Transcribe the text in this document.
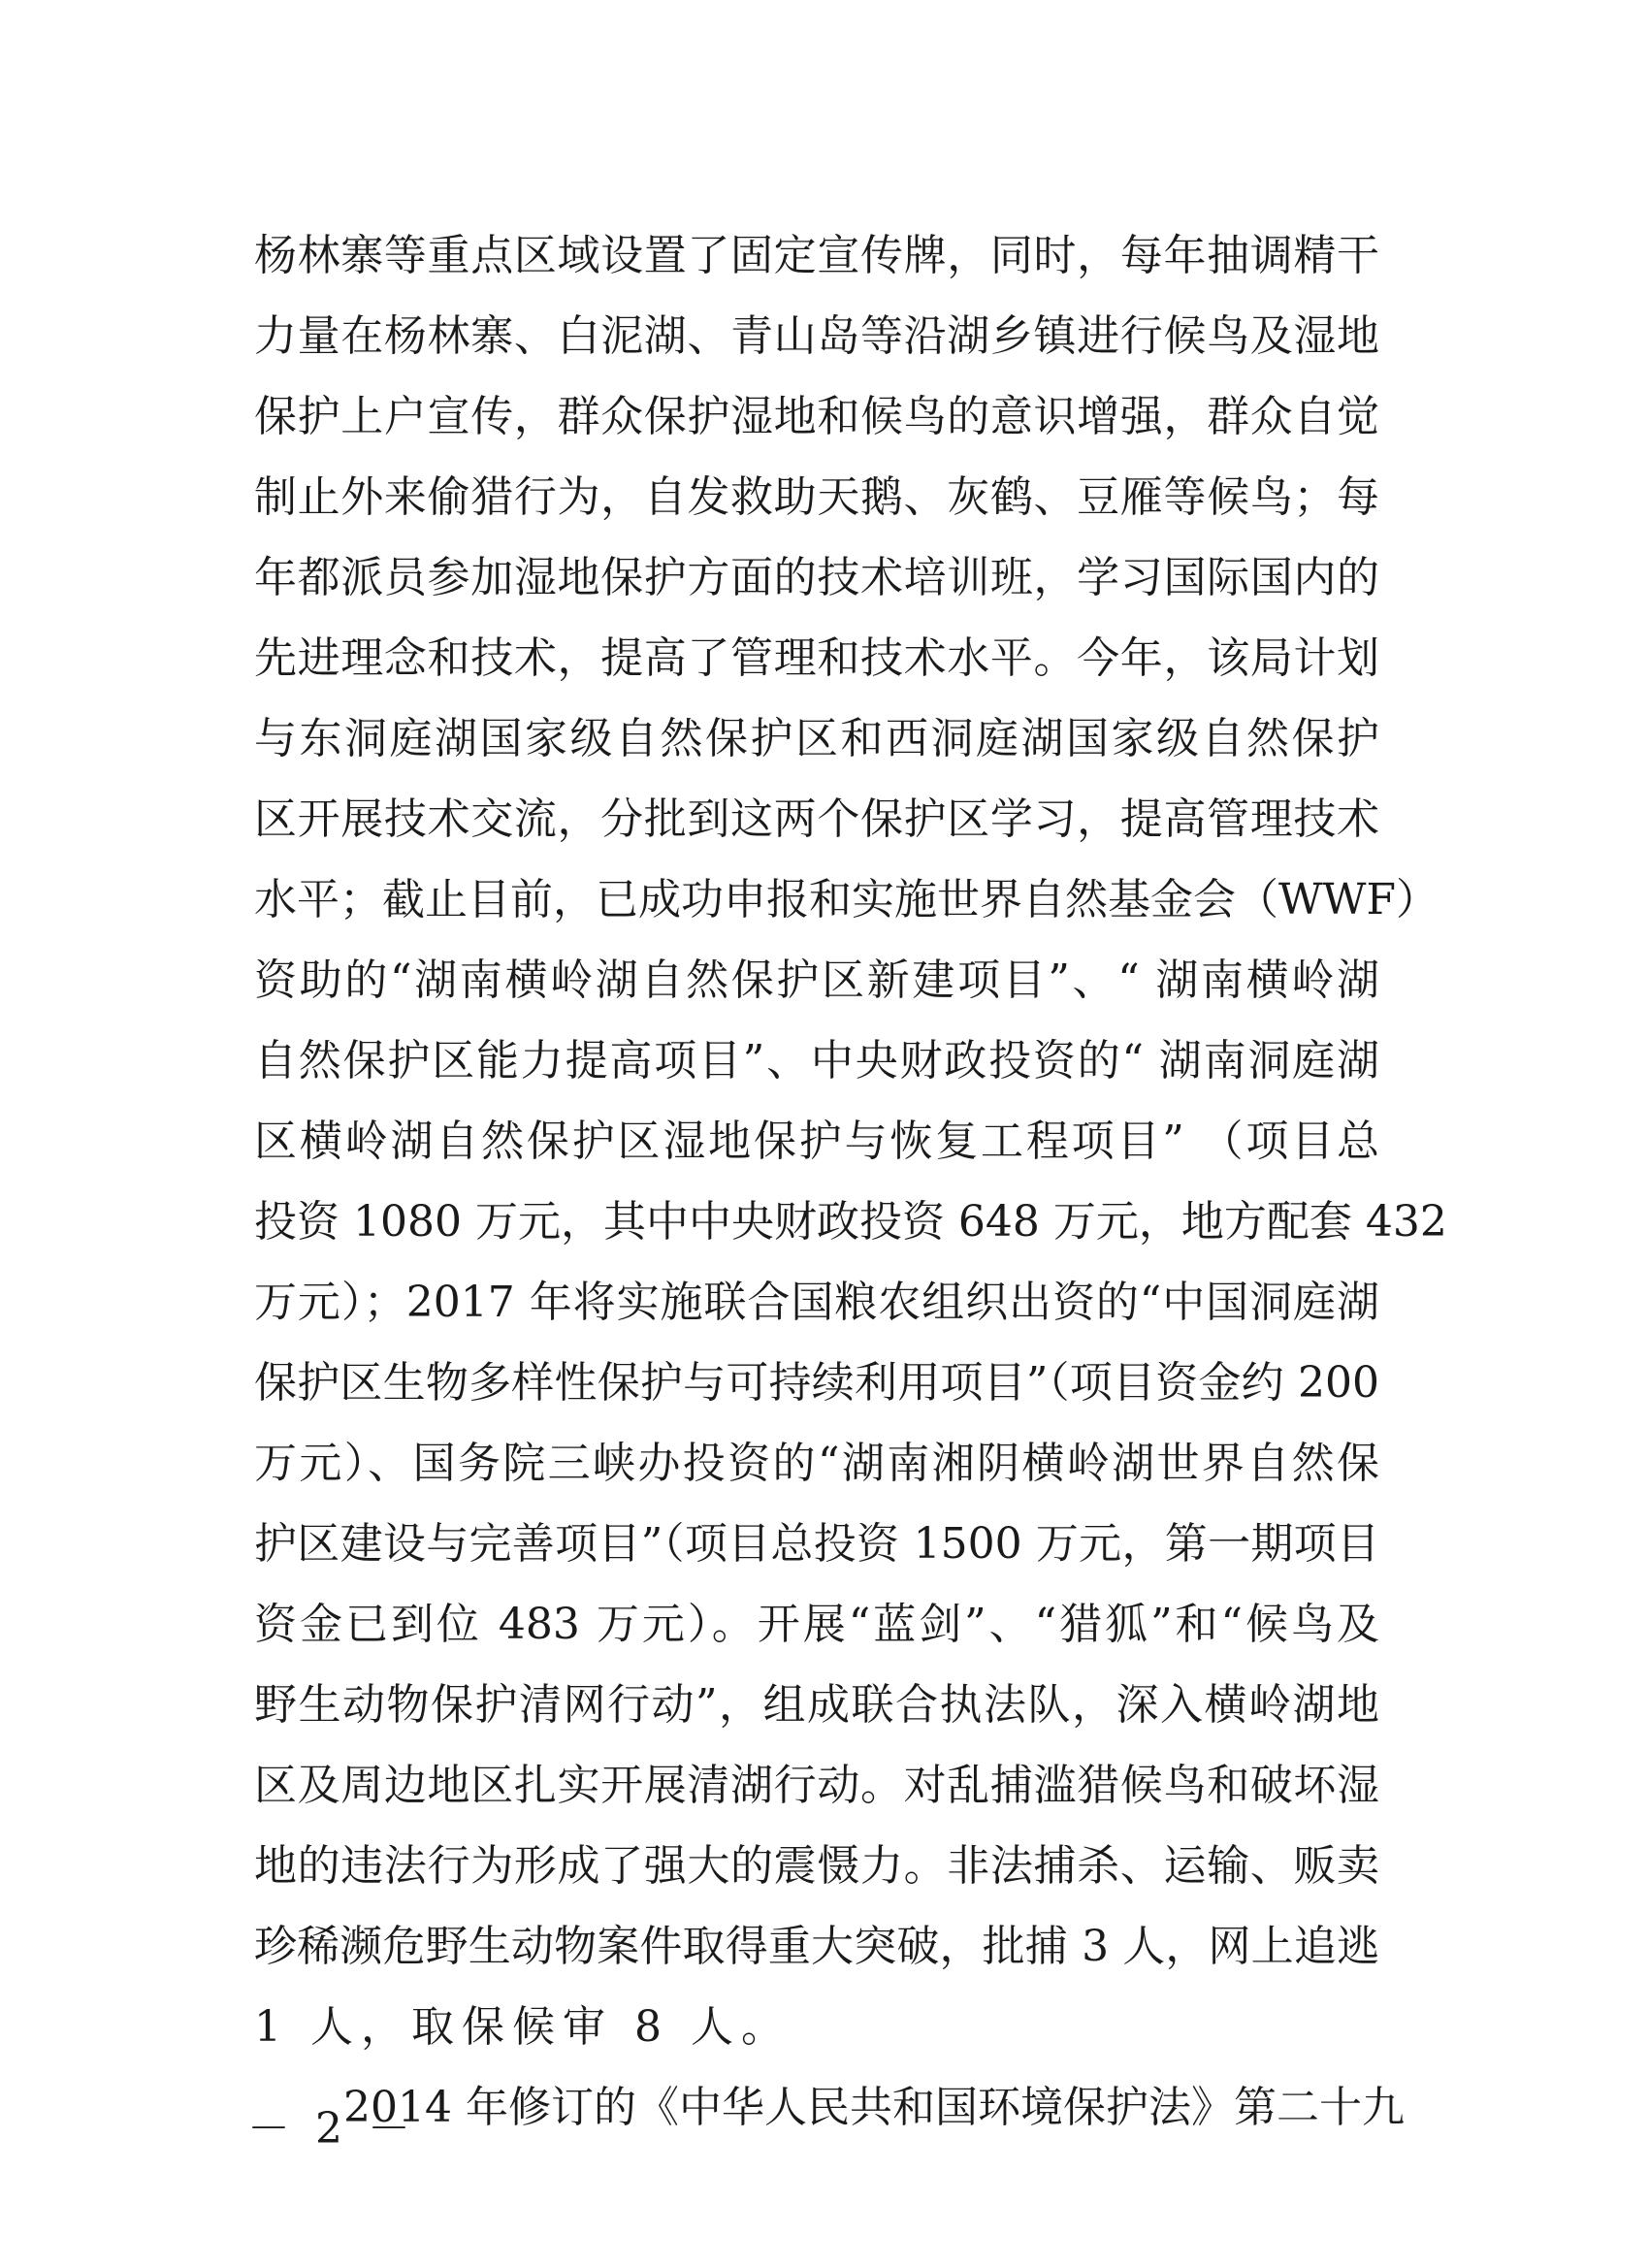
杨林寨等重点区域设置了固定宣传牌，同时，每年抽调精干
力量在杨林寨、白泥湖、青山岛等沿湖乡镇进行候鸟及湿地
保护上户宣传，群众保护湿地和候鸟的意识增强，群众自觉
制止外来偷猎行为，自发救助天鹅、灰鹤、豆雁等候鸟；每
年都派员参加湿地保护方面的技术培训班，学习国际国内的
先进理念和技术，提高了管理和技术水平。今年，该局计划
与东洞庭湖国家级自然保护区和西洞庭湖国家级自然保护
区开展技术交流，分批到这两个保护区学习，提高管理技术
水平；截止目前，已成功申报和实施世界自然基金会（WWF）
资助的“湖南横岭湖自然保护区新建项目”、“ 湖南横岭湖
自然保护区能力提高项目”、中央财政投资的“ 湖南洞庭湖
区横岭湖自然保护区湿地保护与恢复工程项目” （项目总
投资 1080 万元，其中中央财政投资 648 万元，地方配套 432
万元）；2017 年将实施联合国粮农组织出资的“中国洞庭湖
保护区生物多样性保护与可持续利用项目”（项目资金约 200
万元）、国务院三峡办投资的“湖南湘阴横岭湖世界自然保
护区建设与完善项目”（项目总投资 1500 万元，第一期项目
资金已到位 483 万元）。开展“蓝剑”、“猎狐”和“候鸟及
野生动物保护清网行动”，组成联合执法队，深入横岭湖地
区及周边地区扎实开展清湖行动。对乱捕滥猎候鸟和破坏湿
地的违法行为形成了强大的震慑力。非法捕杀、运输、贩卖
珍稀濒危野生动物案件取得重大突破，批捕 3 人，网上追逃
1 人，取保候审 8 人。
2014 年修订的《中华人民共和国环境保护法》第二十九
－ 2 －
